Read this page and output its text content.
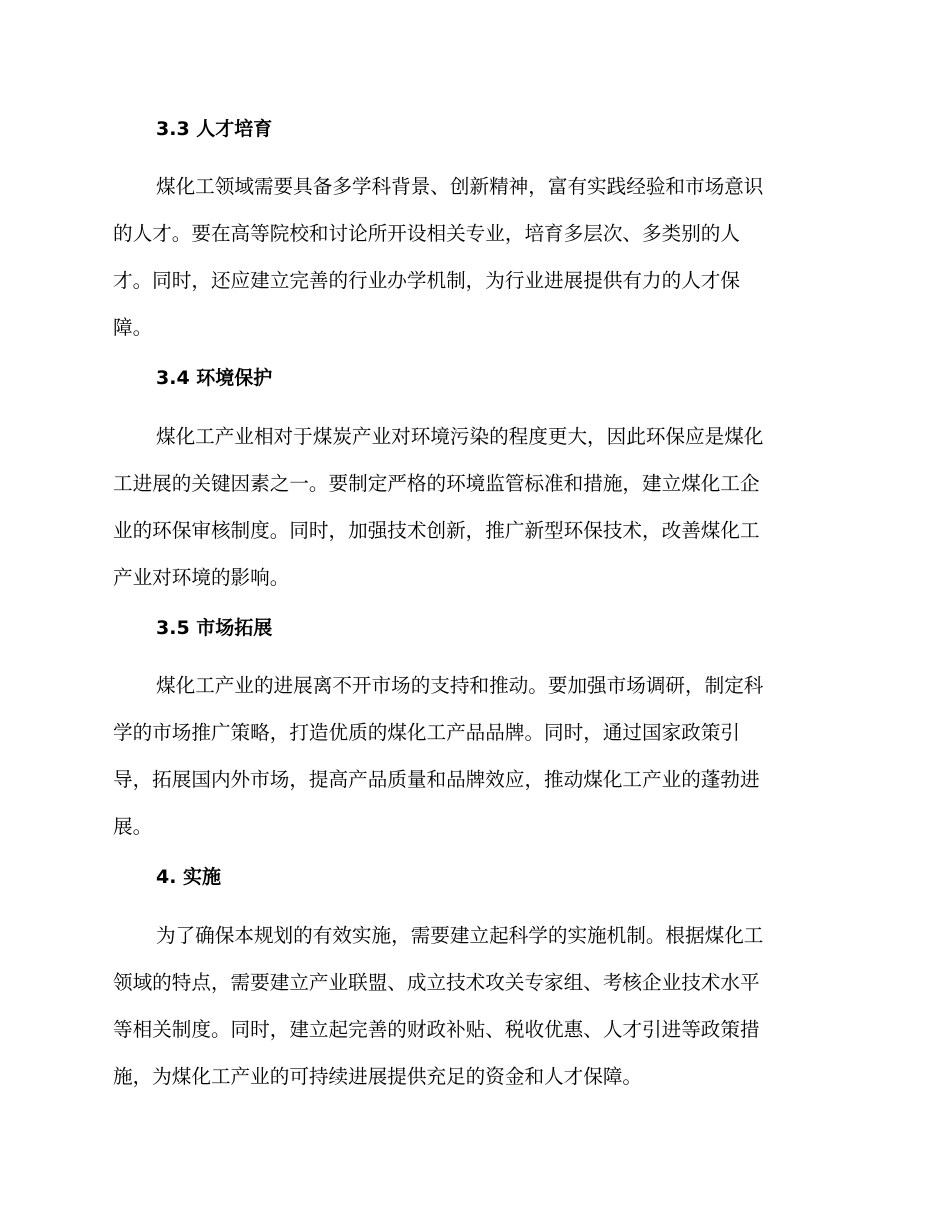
3.3 人才培育
煤化工领域需要具备多学科背景、创新精神，富有实践经验和市场意识
的人才。要在高等院校和讨论所开设相关专业，培育多层次、多类别的人
才。同时，还应建立完善的行业办学机制，为行业进展提供有力的人才保
障。
3.4 环境保护
煤化工产业相对于煤炭产业对环境污染的程度更大，因此环保应是煤化
工进展的关键因素之一。要制定严格的环境监管标准和措施，建立煤化工企
业的环保审核制度。同时，加强技术创新，推广新型环保技术，改善煤化工
产业对环境的影响。
3.5 市场拓展
煤化工产业的进展离不开市场的支持和推动。要加强市场调研，制定科
学的市场推广策略，打造优质的煤化工产品品牌。同时，通过国家政策引
导，拓展国内外市场，提高产品质量和品牌效应，推动煤化工产业的蓬勃进
展。
4. 实施
为了确保本规划的有效实施，需要建立起科学的实施机制。根据煤化工
领域的特点，需要建立产业联盟、成立技术攻关专家组、考核企业技术水平
等相关制度。同时，建立起完善的财政补贴、税收优惠、人才引进等政策措
施，为煤化工产业的可持续进展提供充足的资金和人才保障。
